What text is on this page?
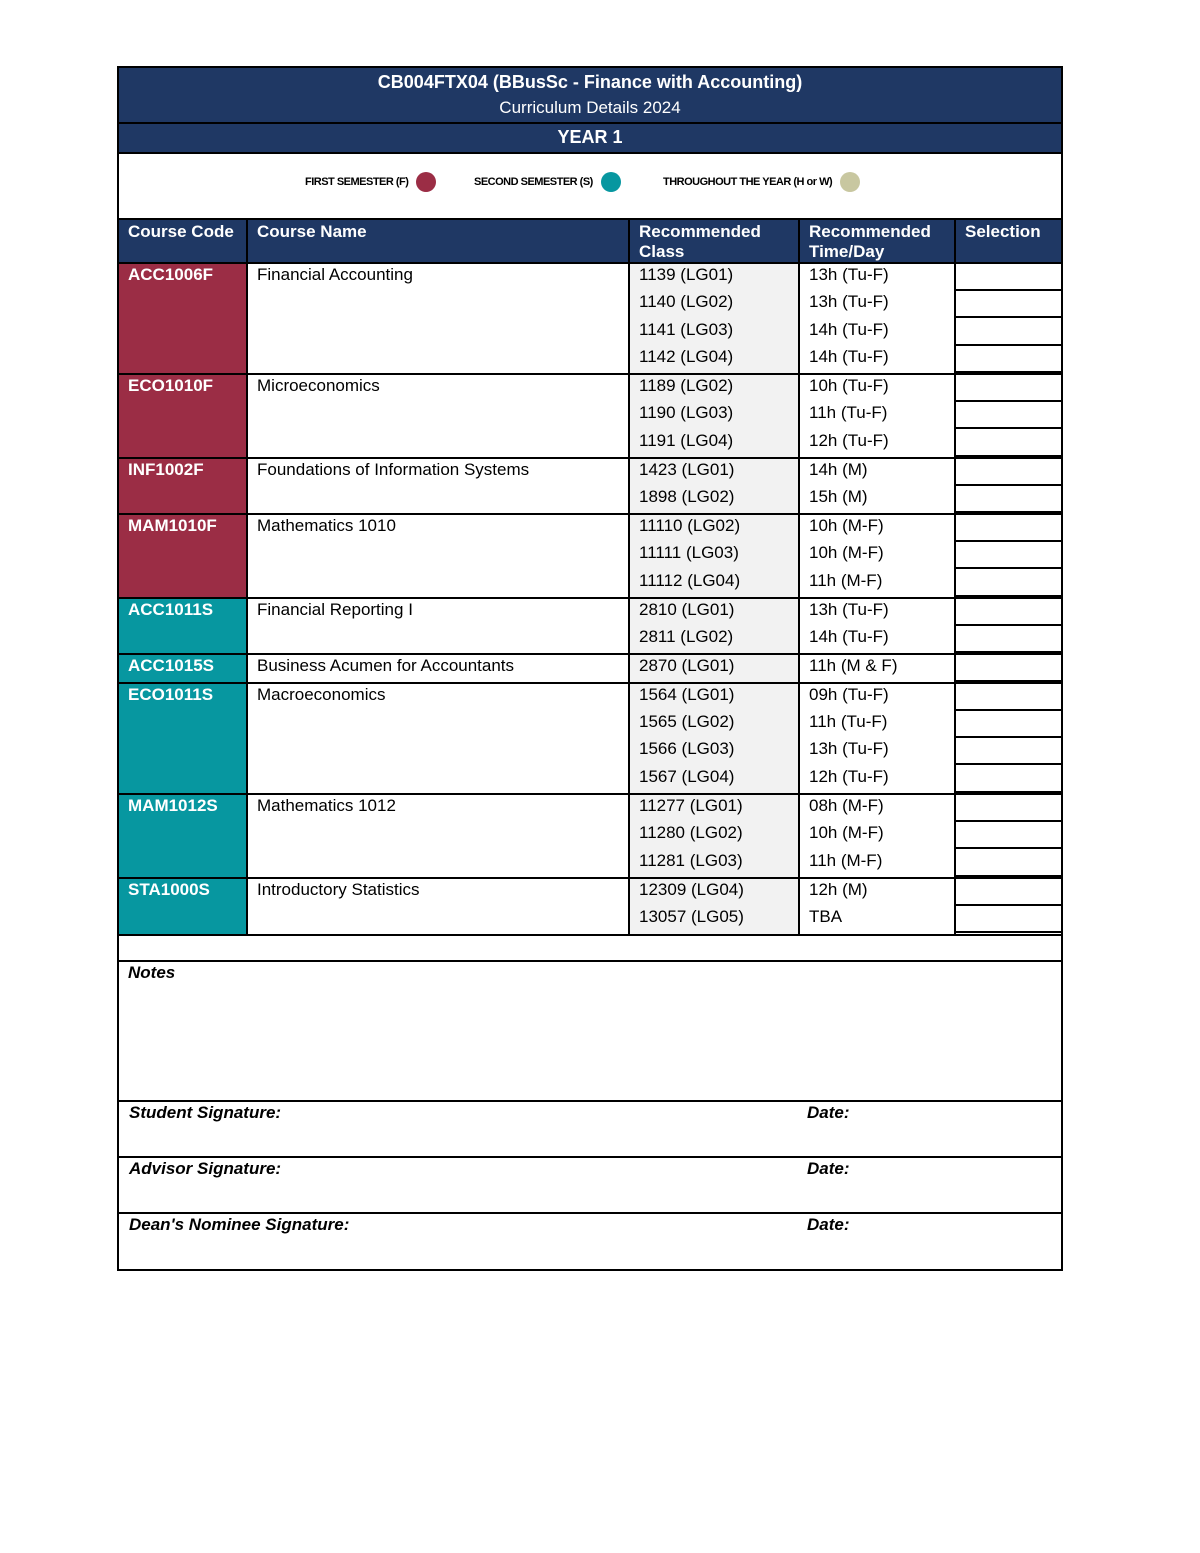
CB004FTX04 (BBusSc - Finance with Accounting)
Curriculum Details 2024
YEAR 1
FIRST SEMESTER (F)	SECOND SEMESTER (S)	THROUGHOUT THE YEAR (H or W)
Course Code	Course Name	Recommended Class	Recommended Time/Day	Selection
ACC1006F	Financial Accounting	1139 (LG01)	13h (Tu-F)	

		1140 (LG02)	13h (Tu-F)	

		1141 (LG03)	14h (Tu-F)	

		1142 (LG04)	14h (Tu-F)	

ECO1010F	Microeconomics	1189 (LG02)	10h (Tu-F)	

		1190 (LG03)	11h (Tu-F)	

		1191 (LG04)	12h (Tu-F)	

INF1002F	Foundations of Information Systems	1423 (LG01)	14h (M)	

		1898 (LG02)	15h (M)	

MAM1010F	Mathematics 1010	11110 (LG02)	10h (M-F)	

		11111 (LG03)	10h (M-F)	

		11112 (LG04)	11h (M-F)	

ACC1011S	Financial Reporting I	2810 (LG01)	13h (Tu-F)	

		2811 (LG02)	14h (Tu-F)	

ACC1015S	Business Acumen for Accountants	2870 (LG01)	11h (M & F)	

ECO1011S	Macroeconomics	1564 (LG01)	09h (Tu-F)	

		1565 (LG02)	11h (Tu-F)	

		1566 (LG03)	13h (Tu-F)	

		1567 (LG04)	12h (Tu-F)	

MAM1012S	Mathematics 1012	11277 (LG01)	08h (M-F)	

		11280 (LG02)	10h (M-F)	

		11281 (LG03)	11h (M-F)	

STA1000S	Introductory Statistics	12309 (LG04)	12h (M)	

		13057 (LG05)	TBA	
Notes
Student Signature:	Date:
Advisor Signature:	Date:
Dean's Nominee Signature:	Date:
